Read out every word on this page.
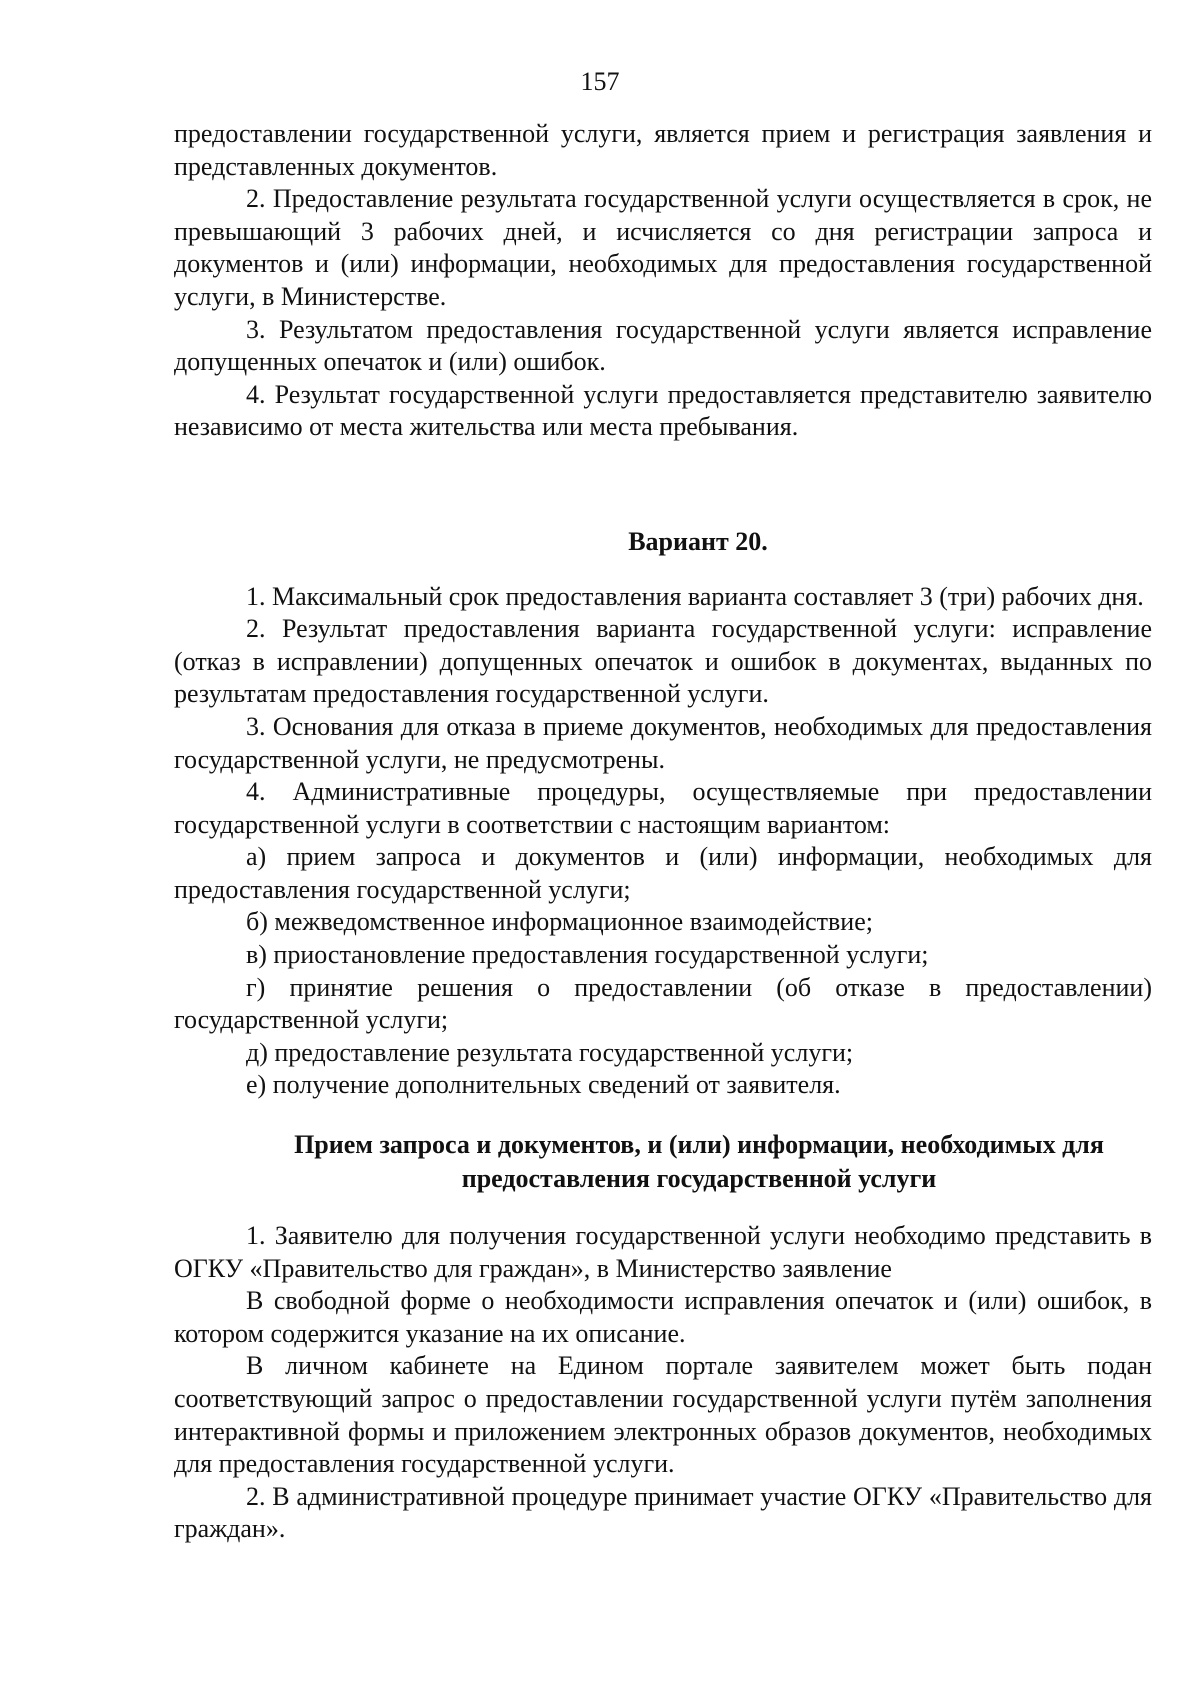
157

предоставлении государственной услуги, является прием и регистрация заявления и представленных документов.

2. Предоставление результата государственной услуги осуществляется в срок, не превышающий 3 рабочих дней, и исчисляется со дня регистрации запроса и документов и (или) информации, необходимых для предоставления государственной услуги, в Министерстве.

3. Результатом предоставления государственной услуги является исправление допущенных опечаток и (или) ошибок.

4. Результат государственной услуги предоставляется представителю заявителю независимо от места жительства или места пребывания.

Вариант 20.

1. Максимальный срок предоставления варианта составляет 3 (три) рабочих дня.

2. Результат предоставления варианта государственной услуги: исправление (отказ в исправлении) допущенных опечаток и ошибок в документах, выданных по результатам предоставления государственной услуги.

3. Основания для отказа в приеме документов, необходимых для предоставления государственной услуги, не предусмотрены.

4. Административные процедуры, осуществляемые при предоставлении государственной услуги в соответствии с настоящим вариантом:

а) прием запроса и документов и (или) информации, необходимых для предоставления государственной услуги;

б) межведомственное информационное взаимодействие;

в) приостановление предоставления государственной услуги;

г) принятие решения о предоставлении (об отказе в предоставлении) государственной услуги;

д) предоставление результата государственной услуги;

е) получение дополнительных сведений от заявителя.

Прием запроса и документов, и (или) информации, необходимых для
предоставления государственной услуги

1. Заявителю для получения государственной услуги необходимо представить в ОГКУ «Правительство для граждан», в Министерство заявление

В свободной форме о необходимости исправления опечаток и (или) ошибок, в котором содержится указание на их описание.

В личном кабинете на Едином портале заявителем может быть подан соответствующий запрос о предоставлении государственной услуги путём заполнения интерактивной формы и приложением электронных образов документов, необходимых для предоставления государственной услуги.

2. В административной процедуре принимает участие ОГКУ «Правительство для граждан».
